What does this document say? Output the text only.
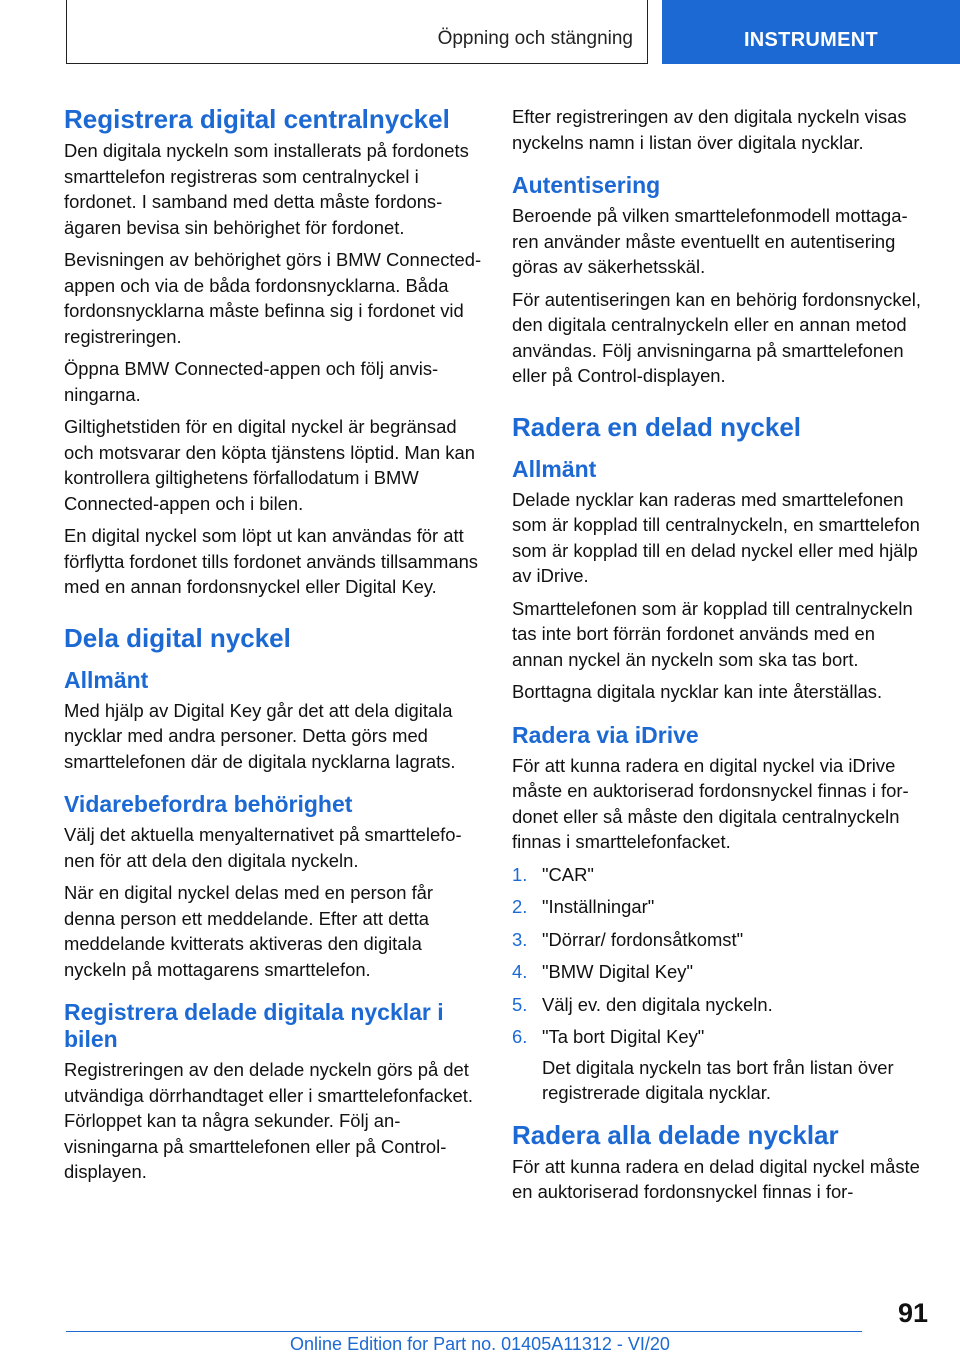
Öppning och stängning	INSTRUMENT
Registrera digital centralnyckel
Den digitala nyckeln som installerats på fordonets smarttelefon registreras som centralnyckel i fordonet. I samband med detta måste fordonsägaren bevisa sin behörighet för fordonet.
Bevisningen av behörighet görs i BMW Connected-appen och via de båda fordonsnycklarna. Båda fordonsnycklarna måste befinna sig i fordonet vid registreringen.
Öppna BMW Connected-appen och följ anvisningarna.
Giltighetstiden för en digital nyckel är begränsad och motsvarar den köpta tjänstens löptid. Man kan kontrollera giltighetens förfallodatum i BMW Connected-appen och i bilen.
En digital nyckel som löpt ut kan användas för att förflytta fordonet tills fordonet används tillsammans med en annan fordonsnyckel eller Digital Key.
Dela digital nyckel
Allmänt
Med hjälp av Digital Key går det att dela digitala nycklar med andra personer. Detta görs med smarttelefonen där de digitala nycklarna lagrats.
Vidarebefordra behörighet
Välj det aktuella menyalternativet på smarttelefonen för att dela den digitala nyckeln.
När en digital nyckel delas med en person får denna person ett meddelande. Efter att detta meddelande kvitterats aktiveras den digitala nyckeln på mottagarens smarttelefon.
Registrera delade digitala nycklar i bilen
Registreringen av den delade nyckeln görs på det utvändiga dörrhandtaget eller i smarttelefonfacket. Förloppet kan ta några sekunder. Följ anvisningarna på smarttelefonen eller på Control-displayen.
Efter registreringen av den digitala nyckeln visas nyckelns namn i listan över digitala nycklar.
Autentisering
Beroende på vilken smarttelefonmodell mottagaren använder måste eventuellt en autentisering göras av säkerhetsskäl.
För autentiseringen kan en behörig fordonsnyckel, den digitala centralnyckeln eller en annan metod användas. Följ anvisningarna på smarttelefonen eller på Control-displayen.
Radera en delad nyckel
Allmänt
Delade nycklar kan raderas med smarttelefonen som är kopplad till centralnyckeln, en smarttelefon som är kopplad till en delad nyckel eller med hjälp av iDrive.
Smarttelefonen som är kopplad till centralnyckeln tas inte bort förrän fordonet används med en annan nyckel än nyckeln som ska tas bort.
Borttagna digitala nycklar kan inte återställas.
Radera via iDrive
För att kunna radera en digital nyckel via iDrive måste en auktoriserad fordonsnyckel finnas i fordonet eller så måste den digitala centralnyckeln finnas i smarttelefonfacket.
1. "CAR"
2. "Inställningar"
3. "Dörrar/ fordonsåtkomst"
4. "BMW Digital Key"
5. Välj ev. den digitala nyckeln.
6. "Ta bort Digital Key"
Det digitala nyckeln tas bort från listan över registrerade digitala nycklar.
Radera alla delade nycklar
För att kunna radera en delad digital nyckel måste en auktoriserad fordonsnyckel finnas i for-
91
Online Edition for Part no. 01405A11312 - VI/20
